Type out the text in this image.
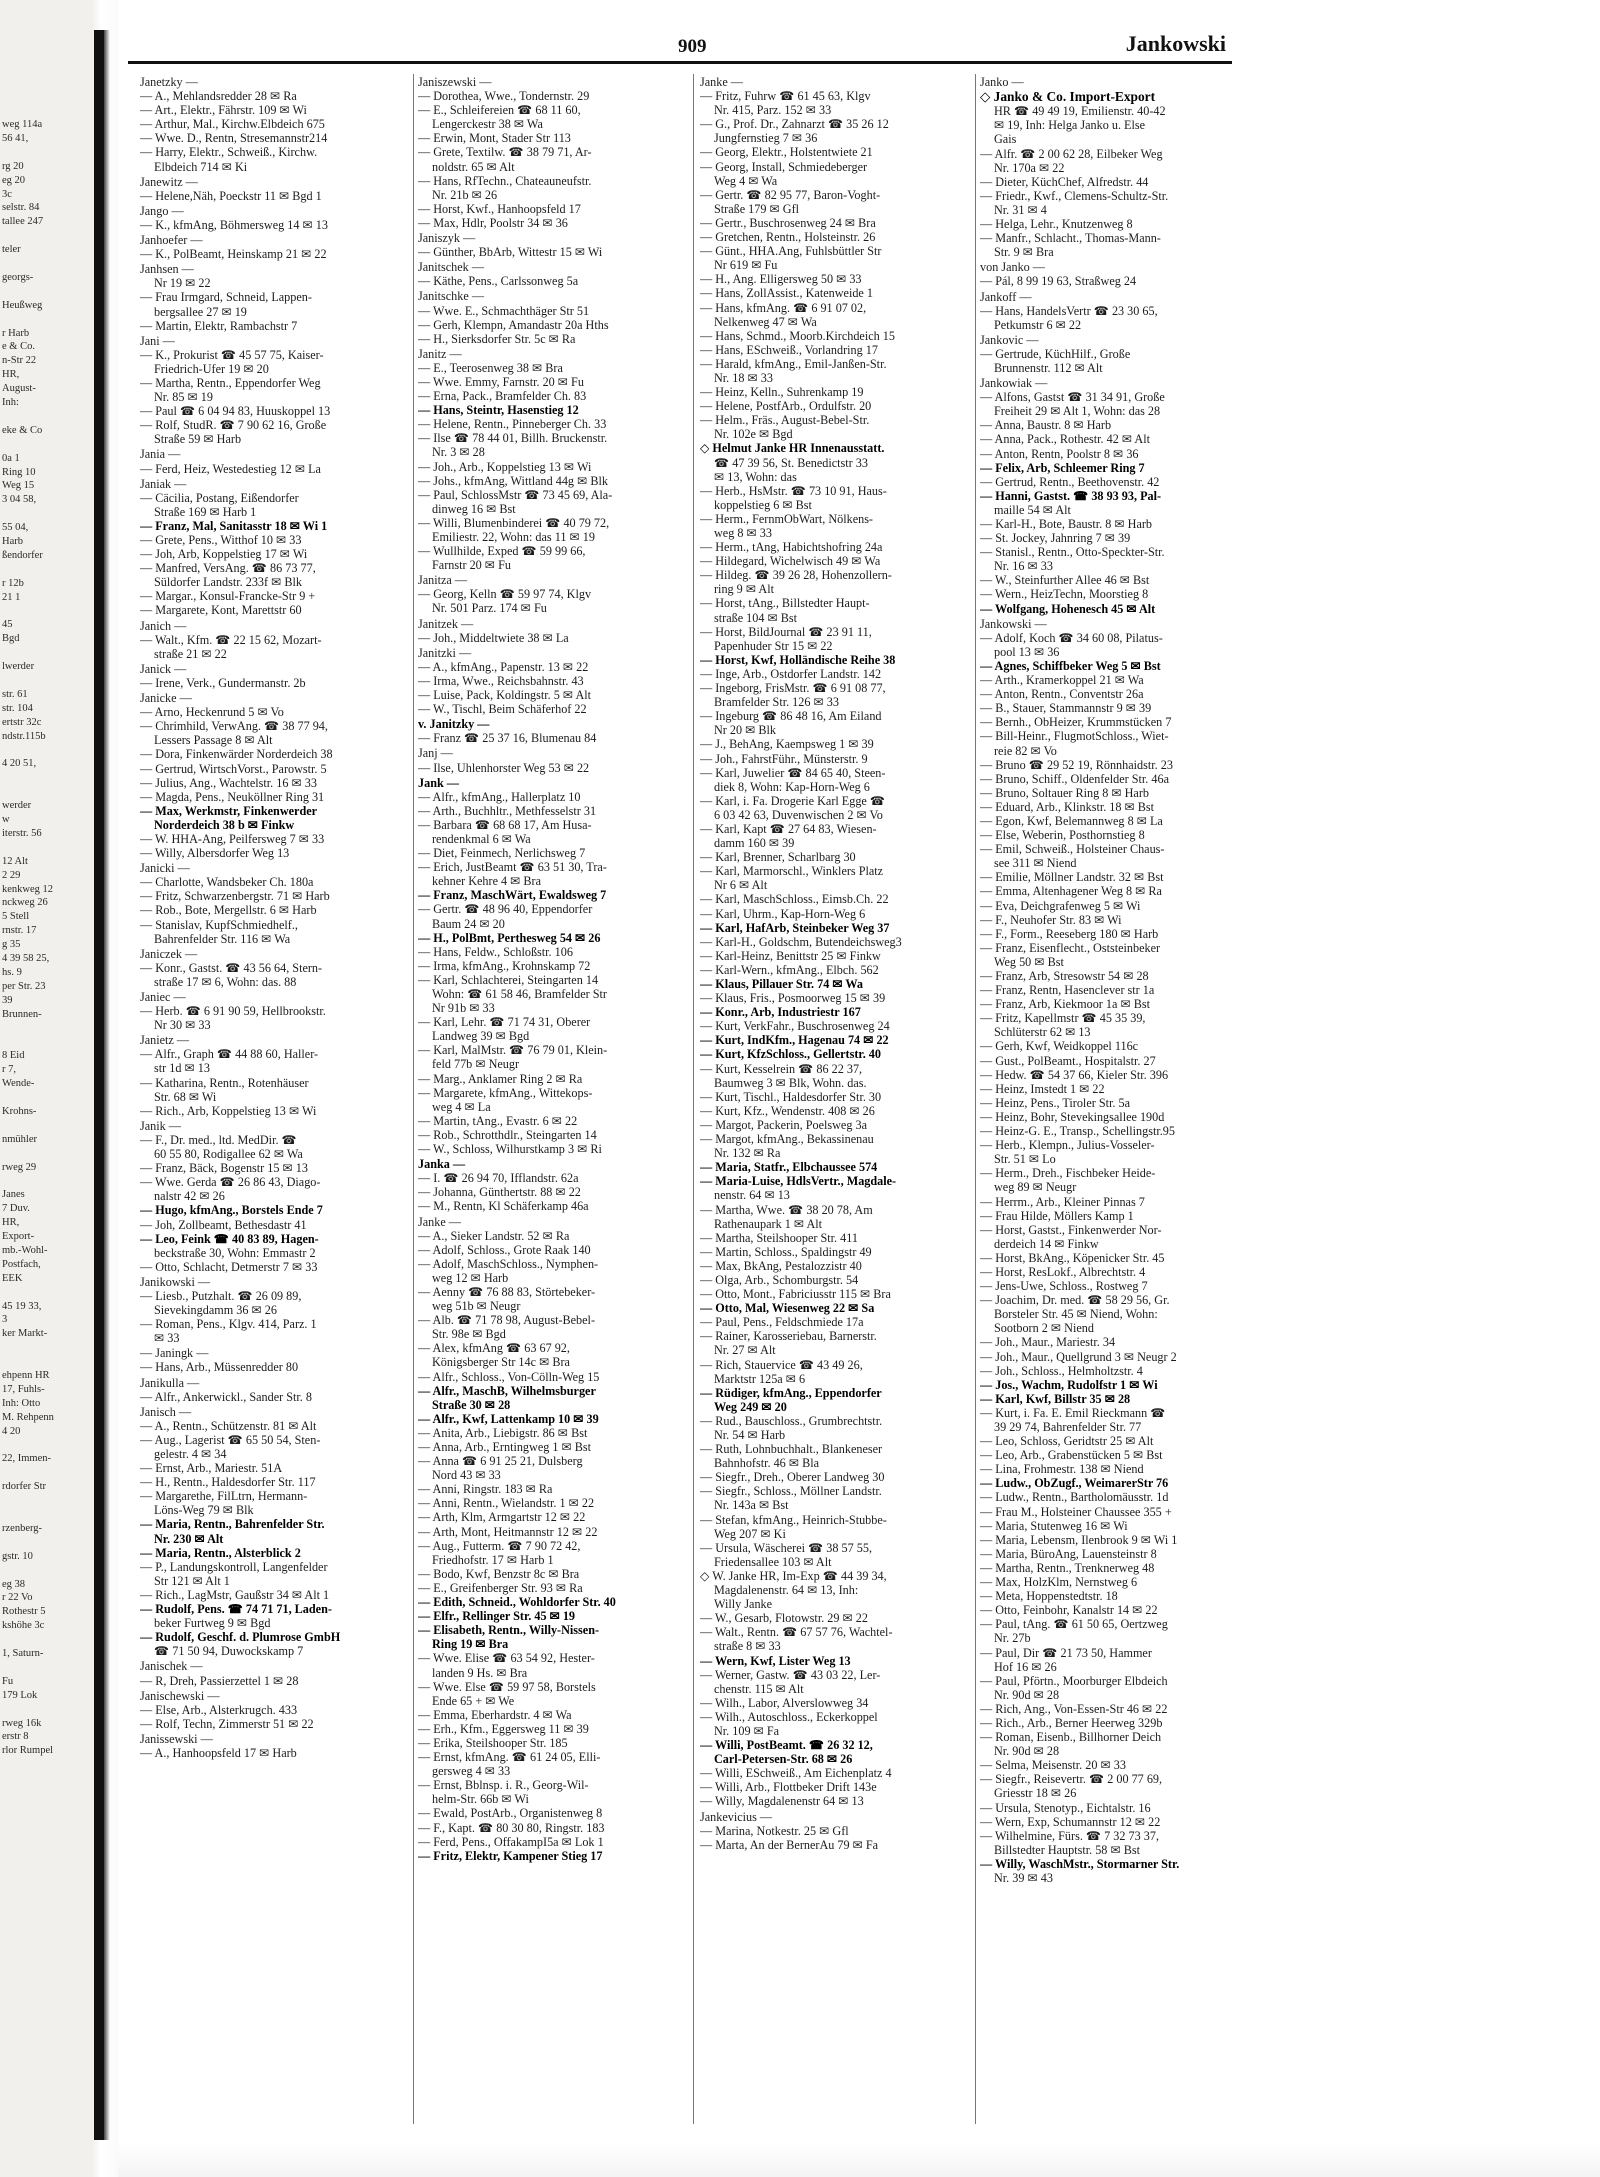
weg 114a
56 41,
rg 20
eg 20
3c
selstr. 84
tallee 247
teler
georgs-
Heußweg
r Harb
e & Co.
n-Str 22
HR,
August-
Inh:
eke & Co
0a 1
Ring 10
Weg 15
3 04 58,
55 04,
Harb
ßendorfer
r 12b
21 1
45
Bgd
lwerder
str. 61
str. 104
ertstr 32c
ndstr.115b
4 20 51,
werder
w
iterstr. 56
12 Alt
2 29
kenkweg 12
nckweg 26
5 Stell
rnstr. 17
g 35
4 39 58 25,
hs. 9
per Str. 23
39
Brunnen-
8 Eid
r 7,
Wende-
Krohns-
nmühler
rweg 29
Janes
7 Duv.
HR,
Export-
mb.-Wohl-
Postfach,
EEK
45 19 33,
3
ker Markt-
ehpenn HR
17, Fuhls-
Inh: Otto
M. Rehpenn
4 20
22, Immen-
rdorfer Str
rzenberg-
gstr. 10
eg 38
r 22 Vo
Rothestr 5
kshöhe 3c
1, Saturn-
Fu
179 Lok
rweg 16k
erstr 8
rlor Rumpel
909	Jankowski
Janetzky —
— A., Mehlandsredder 28 ✉ Ra
— Art., Elektr., Fährstr. 109 ✉ Wi
— Arthur, Mal., Kirchw.Elbdeich 675
— Wwe. D., Rentn, Stresemannstr214
— Harry, Elektr., Schweiß., Kirchw.
Elbdeich 714 ✉ Ki
Janewitz —
— Helene,Näh, Poeckstr 11 ✉ Bgd 1
Jango —
— K., kfmAng, Böhmersweg 14 ✉ 13
Janhoefer —
— K., PolBeamt, Heinskamp 21 ✉ 22
Janhsen —
Nr 19 ✉ 22
— Frau Irmgard, Schneid, Lappen-
bergsallee 27 ✉ 19
— Martin, Elektr, Rambachstr 7
Jani —
— K., Prokurist ☎ 45 57 75, Kaiser-
Friedrich-Ufer 19 ✉ 20
— Martha, Rentn., Eppendorfer Weg
Nr. 85 ✉ 19
— Paul ☎ 6 04 94 83, Huuskoppel 13
— Rolf, StudR. ☎ 7 90 62 16, Große
Straße 59 ✉ Harb
Jania —
— Ferd, Heiz, Westedestieg 12 ✉ La
Janiak —
— Cäcilia, Postang, Eißendorfer
Straße 169 ✉ Harb 1
— Franz, Mal, Sanitasstr 18 ✉ Wi 1
— Grete, Pens., Witthof 10 ✉ 33
— Joh, Arb, Koppelstieg 17 ✉ Wi
— Manfred, VersAng. ☎ 86 73 77,
Süldorfer Landstr. 233f ✉ Blk
— Margar., Konsul-Francke-Str 9 +
— Margarete, Kont, Marettstr 60
Janich —
— Walt., Kfm. ☎ 22 15 62, Mozart-
straße 21 ✉ 22
Janick —
— Irene, Verk., Gundermanstr. 2b
Janicke —
— Arno, Heckenrund 5 ✉ Vo
— Chrimhild, VerwAng. ☎ 38 77 94,
Lessers Passage 8 ✉ Alt
— Dora, Finkenwärder Norderdeich 38
— Gertrud, WirtschVorst., Parowstr. 5
— Julius, Ang., Wachtelstr. 16 ✉ 33
— Magda, Pens., Neuköllner Ring 31
— Max, Werkmstr, Finkenwerder
Norderdeich 38 b ✉ Finkw
— W. HHA-Ang, Peilfersweg 7 ✉ 33
— Willy, Albersdorfer Weg 13
Janicki —
— Charlotte, Wandsbeker Ch. 180a
— Fritz, Schwarzenbergstr. 71 ✉ Harb
— Rob., Bote, Mergellstr. 6 ✉ Harb
— Stanislav, KupfSchmiedhelf.,
Bahrenfelder Str. 116 ✉ Wa
Janiczek —
— Konr., Gastst. ☎ 43 56 64, Stern-
straße 17 ✉ 6, Wohn: das. 88
Janiec —
— Herb. ☎ 6 91 90 59, Hellbrookstr.
Nr 30 ✉ 33
Janietz —
— Alfr., Graph ☎ 44 88 60, Haller-
str 1d ✉ 13
— Katharina, Rentn., Rotenhäuser
Str. 68 ✉ Wi
— Rich., Arb, Koppelstieg 13 ✉ Wi
Janik —
— F., Dr. med., ltd. MedDir. ☎
60 55 80, Rodigallee 62 ✉ Wa
— Franz, Bäck, Bogenstr 15 ✉ 13
— Wwe. Gerda ☎ 26 86 43, Diago-
nalstr 42 ✉ 26
— Hugo, kfmAng., Borstels Ende 7
— Joh, Zollbeamt, Bethesdastr 41
— Leo, Feink ☎ 40 83 89, Hagen-
beckstraße 30, Wohn: Emmastr 2
— Otto, Schlacht, Detmerstr 7 ✉ 33
Janikowski —
— Liesb., Putzhalt. ☎ 26 09 89,
Sievekingdamm 36 ✉ 26
— Roman, Pens., Klgv. 414, Parz. 1
✉ 33
— Janingk —
— Hans, Arb., Müssenredder 80
Janikulla —
— Alfr., Ankerwickl., Sander Str. 8
Janisch —
— A., Rentn., Schützenstr. 81 ✉ Alt
— Aug., Lagerist ☎ 65 50 54, Sten-
gelestr. 4 ✉ 34
— Ernst, Arb., Mariestr. 51A
— H., Rentn., Haldesdorfer Str. 117
— Margarethe, FilLtrn, Hermann-
Löns-Weg 79 ✉ Blk
— Maria, Rentn., Bahrenfelder Str.
Nr. 230 ✉ Alt
— Maria, Rentn., Alsterblick 2
— P., Landungskontroll, Langenfelder
Str 121 ✉ Alt 1
— Rich., LagMstr, Gaußstr 34 ✉ Alt 1
— Rudolf, Pens. ☎ 74 71 71, Laden-
beker Furtweg 9 ✉ Bgd
— Rudolf, Geschf. d. Plumrose GmbH
☎ 71 50 94, Duwockskamp 7
Janischek —
— R, Dreh, Passierzettel 1 ✉ 28
Janischewski —
— Else, Arb., Alsterkrugch. 433
— Rolf, Techn, Zimmerstr 51 ✉ 22
Janissewski —
— A., Hanhoopsfeld 17 ✉ Harb
Janiszewski —
— Dorothea, Wwe., Tondernstr. 29
— E., Schleifereien ☎ 68 11 60,
Lengerckestr 38 ✉ Wa
— Erwin, Mont, Stader Str 113
— Grete, Textilw. ☎ 38 79 71, Ar-
noldstr. 65 ✉ Alt
— Hans, RfTechn., Chateauneufstr.
Nr. 21b ✉ 26
— Horst, Kwf., Hanhoopsfeld 17
— Max, Hdlr, Poolstr 34 ✉ 36
Janiszyk —
— Günther, BbArb, Wittestr 15 ✉ Wi
Janitschek —
— Käthe, Pens., Carlssonweg 5a
Janitschke —
— Wwe. E., Schmachthäger Str 51
— Gerh, Klempn, Amandastr 20a Hths
— H., Sierksdorfer Str. 5c ✉ Ra
Janitz —
— E., Teerosenweg 38 ✉ Bra
— Wwe. Emmy, Farnstr. 20 ✉ Fu
— Erna, Pack., Bramfelder Ch. 83
— Hans, Steintr, Hasenstieg 12
— Helene, Rentn., Pinneberger Ch. 33
— Ilse ☎ 78 44 01, Billh. Bruckenstr.
Nr. 3 ✉ 28
— Joh., Arb., Koppelstieg 13 ✉ Wi
— Johs., kfmAng, Wittland 44g ✉ Blk
— Paul, SchlossMstr ☎ 73 45 69, Ala-
dinweg 16 ✉ Bst
— Willi, Blumenbinderei ☎ 40 79 72,
Emiliestr. 22, Wohn: das 11 ✉ 19
— Wullhilde, Exped ☎ 59 99 66,
Farnstr 20 ✉ Fu
Janitza —
— Georg, Kelln ☎ 59 97 74, Klgv
Nr. 501 Parz. 174 ✉ Fu
Janitzek —
— Joh., Middeltwiete 38 ✉ La
Janitzki —
— A., kfmAng., Papenstr. 13 ✉ 22
— Irma, Wwe., Reichsbahnstr. 43
— Luise, Pack, Koldingstr. 5 ✉ Alt
— W., Tischl, Beim Schäferhof 22
v. Janitzky —
— Franz ☎ 25 37 16, Blumenau 84
Janj —
— Ilse, Uhlenhorster Weg 53 ✉ 22
Jank —
— Alfr., kfmAng., Hallerplatz 10
— Arth., Buchhltr., Methfesselstr 31
— Barbara ☎ 68 68 17, Am Husa-
rendenkmal 6 ✉ Wa
— Diet, Feinmech, Nerlichsweg 7
— Erich, JustBeamt ☎ 63 51 30, Tra-
kehner Kehre 4 ✉ Bra
— Franz, MaschWärt, Ewaldsweg 7
— Gertr. ☎ 48 96 40, Eppendorfer
Baum 24 ✉ 20
— H., PolBmt, Perthesweg 54 ✉ 26
— Hans, Feldw., Schloßstr. 106
— Irma, kfmAng., Krohnskamp 72
— Karl, Schlachterei, Steingarten 14
Wohn: ☎ 61 58 46, Bramfelder Str
Nr 91b ✉ 33
— Karl, Lehr. ☎ 71 74 31, Oberer
Landweg 39 ✉ Bgd
— Karl, MalMstr. ☎ 76 79 01, Klein-
feld 77b ✉ Neugr
— Marg., Anklamer Ring 2 ✉ Ra
— Margarete, kfmAng., Wittekops-
weg 4 ✉ La
— Martin, tAng., Evastr. 6 ✉ 22
— Rob., Schrotthdlr., Steingarten 14
— W., Schloss, Wilhurstkamp 3 ✉ Ri
Janka —
— I. ☎ 26 94 70, Ifflandstr. 62a
— Johanna, Günthertstr. 88 ✉ 22
— M., Rentn, Kl Schäferkamp 46a
Janke —
— A., Sieker Landstr. 52 ✉ Ra
— Adolf, Schloss., Grote Raak 140
— Adolf, MaschSchloss., Nymphen-
weg 12 ✉ Harb
— Aenny ☎ 76 88 83, Störtebeker-
weg 51b ✉ Neugr
— Alb. ☎ 71 78 98, August-Bebel-
Str. 98e ✉ Bgd
— Alex, kfmAng ☎ 63 67 92,
Königsberger Str 14c ✉ Bra
— Alfr., Schloss., Von-Cölln-Weg 15
— Alfr., MaschB, Wilhelmsburger
Straße 30 ✉ 28
— Alfr., Kwf, Lattenkamp 10 ✉ 39
— Anita, Arb., Liebigstr. 86 ✉ Bst
— Anna, Arb., Erntingweg 1 ✉ Bst
— Anna ☎ 6 91 25 21, Dulsberg
Nord 43 ✉ 33
— Anni, Ringstr. 183 ✉ Ra
— Anni, Rentn., Wielandstr. 1 ✉ 22
— Arth, Klm, Armgartstr 12 ✉ 22
— Arth, Mont, Heitmannstr 12 ✉ 22
— Aug., Futterm. ☎ 7 90 72 42,
Friedhofstr. 17 ✉ Harb 1
— Bodo, Kwf, Benzstr 8c ✉ Bra
— E., Greifenberger Str. 93 ✉ Ra
— Edith, Schneid., Wohldorfer Str. 40
— Elfr., Rellinger Str. 45 ✉ 19
— Elisabeth, Rentn., Willy-Nissen-
Ring 19 ✉ Bra
— Wwe. Elise ☎ 63 54 92, Hester-
landen 9 Hs. ✉ Bra
— Wwe. Else ☎ 59 97 58, Borstels
Ende 65 + ✉ We
— Emma, Eberhardstr. 4 ✉ Wa
— Erh., Kfm., Eggersweg 11 ✉ 39
— Erika, Steilshooper Str. 185
— Ernst, kfmAng. ☎ 61 24 05, Elli-
gersweg 4 ✉ 33
— Ernst, Bblnsp. i. R., Georg-Wil-
helm-Str. 66b ✉ Wi
— Ewald, PostArb., Organistenweg 8
— F., Kapt. ☎ 80 30 80, Ringstr. 183
— Ferd, Pens., OffakampI5a ✉ Lok 1
— Fritz, Elektr, Kampener Stieg 17
Janke —
— Fritz, Fuhrw ☎ 61 45 63, Klgv
Nr. 415, Parz. 152 ✉ 33
— G., Prof. Dr., Zahnarzt ☎ 35 26 12
Jungfernstieg 7 ✉ 36
— Georg, Elektr., Holstentwiete 21
— Georg, Install, Schmiedeberger
Weg 4 ✉ Wa
— Gertr. ☎ 82 95 77, Baron-Voght-
Straße 179 ✉ Gfl
— Gertr., Buschrosenweg 24 ✉ Bra
— Gretchen, Rentn., Holsteinstr. 26
— Günt., HHA.Ang, Fuhlsbüttler Str
Nr 619 ✉ Fu
— H., Ang. Elligersweg 50 ✉ 33
— Hans, ZollAssist., Katenweide 1
— Hans, kfmAng. ☎ 6 91 07 02,
Nelkenweg 47 ✉ Wa
— Hans, Schmd., Moorb.Kirchdeich 15
— Hans, ESchweiß., Vorlandring 17
— Harald, kfmAng., Emil-Janßen-Str.
Nr. 18 ✉ 33
— Heinz, Kelln., Suhrenkamp 19
— Helene, PostfArb., Ordulfstr. 20
— Helm., Fräs., August-Bebel-Str.
Nr. 102e ✉ Bgd
◇ Helmut Janke HR Innenausstatt.
☎ 47 39 56, St. Benedictstr 33
✉ 13, Wohn: das
— Herb., HsMstr. ☎ 73 10 91, Haus-
koppelstieg 6 ✉ Bst
— Herm., FernmObWart, Nölkens-
weg 8 ✉ 33
— Herm., tAng, Habichtshofring 24a
— Hildegard, Wichelwisch 49 ✉ Wa
— Hildeg. ☎ 39 26 28, Hohenzollern-
ring 9 ✉ Alt
— Horst, tAng., Billstedter Haupt-
straße 104 ✉ Bst
— Horst, BildJournal ☎ 23 91 11,
Papenhuder Str 15 ✉ 22
— Horst, Kwf, Holländische Reihe 38
— Inge, Arb., Ostdorfer Landstr. 142
— Ingeborg, FrisMstr. ☎ 6 91 08 77,
Bramfelder Str. 126 ✉ 33
— Ingeburg ☎ 86 48 16, Am Eiland
Nr 20 ✉ Blk
— J., BehAng, Kaempsweg 1 ✉ 39
— Joh., FahrstFühr., Münsterstr. 9
— Karl, Juwelier ☎ 84 65 40, Steen-
diek 8, Wohn: Kap-Horn-Weg 6
— Karl, i. Fa. Drogerie Karl Egge ☎
6 03 42 63, Duvenwischen 2 ✉ Vo
— Karl, Kapt ☎ 27 64 83, Wiesen-
damm 160 ✉ 39
— Karl, Brenner, Scharlbarg 30
— Karl, Marmorschl., Winklers Platz
Nr 6 ✉ Alt
— Karl, MaschSchloss., Eimsb.Ch. 22
— Karl, Uhrm., Kap-Horn-Weg 6
— Karl, HafArb, Steinbeker Weg 37
— Karl-H., Goldschm, Butendeichsweg3
— Karl-Heinz, Benittstr 25 ✉ Finkw
— Karl-Wern., kfmAng., Elbch. 562
— Klaus, Pillauer Str. 74 ✉ Wa
— Klaus, Fris., Posmoorweg 15 ✉ 39
— Konr., Arb, Industriestr 167
— Kurt, VerkFahr., Buschrosenweg 24
— Kurt, IndKfm., Hagenau 74 ✉ 22
— Kurt, KfzSchloss., Gellertstr. 40
— Kurt, Kesselrein ☎ 86 22 37,
Baumweg 3 ✉ Blk, Wohn. das.
— Kurt, Tischl., Haldesdorfer Str. 30
— Kurt, Kfz., Wendenstr. 408 ✉ 26
— Margot, Packerin, Poelsweg 3a
— Margot, kfmAng., Bekassinenau
Nr. 132 ✉ Ra
— Maria, Statfr., Elbchaussee 574
— Maria-Luise, HdlsVertr., Magdale-
nenstr. 64 ✉ 13
— Martha, Wwe. ☎ 38 20 78, Am
Rathenaupark 1 ✉ Alt
— Martha, Steilshooper Str. 411
— Martin, Schloss., Spaldingstr 49
— Max, BkAng, Pestalozzistr 40
— Olga, Arb., Schomburgstr. 54
— Otto, Mont., Fabriciusstr 115 ✉ Bra
— Otto, Mal, Wiesenweg 22 ✉ Sa
— Paul, Pens., Feldschmiede 17a
— Rainer, Karosseriebau, Barnerstr.
Nr. 27 ✉ Alt
— Rich, Stauervice ☎ 43 49 26,
Marktstr 125a ✉ 6
— Rüdiger, kfmAng., Eppendorfer
Weg 249 ✉ 20
— Rud., Bauschloss., Grumbrechtstr.
Nr. 54 ✉ Harb
— Ruth, Lohnbuchhalt., Blankeneser
Bahnhofstr. 46 ✉ Bla
— Siegfr., Dreh., Oberer Landweg 30
— Siegfr., Schloss., Möllner Landstr.
Nr. 143a ✉ Bst
— Stefan, kfmAng., Heinrich-Stubbe-
Weg 207 ✉ Ki
— Ursula, Wäscherei ☎ 38 57 55,
Friedensallee 103 ✉ Alt
◇ W. Janke HR, Im-Exp ☎ 44 39 34,
Magdalenenstr. 64 ✉ 13, Inh:
Willy Janke
— W., Gesarb, Flotowstr. 29 ✉ 22
— Walt., Rentn. ☎ 67 57 76, Wachtel-
straße 8 ✉ 33
— Wern, Kwf, Lister Weg 13
— Werner, Gastw. ☎ 43 03 22, Ler-
chenstr. 115 ✉ Alt
— Wilh., Labor, Alverslowweg 34
— Wilh., Autoschloss., Eckerkoppel
Nr. 109 ✉ Fa
— Willi, PostBeamt. ☎ 26 32 12,
Carl-Petersen-Str. 68 ✉ 26
— Willi, ESchweiß., Am Eichenplatz 4
— Willi, Arb., Flottbeker Drift 143e
— Willy, Magdalenenstr 64 ✉ 13
Jankevicius —
— Marina, Notkestr. 25 ✉ Gfl
— Marta, An der BernerAu 79 ✉ Fa
Janko —
◇ Janko & Co. Import-Export
HR ☎ 49 49 19, Emilienstr. 40-42
✉ 19, Inh: Helga Janko u. Else
Gais
— Alfr. ☎ 2 00 62 28, Eilbeker Weg
Nr. 170a ✉ 22
— Dieter, KüchChef, Alfredstr. 44
— Friedr., Kwf., Clemens-Schultz-Str.
Nr. 31 ✉ 4
— Helga, Lehr., Knutzenweg 8
— Manfr., Schlacht., Thomas-Mann-
Str. 9 ✉ Bra
von Janko —
— Pál, 8 99 19 63, Straßweg 24
Jankoff —
— Hans, HandelsVertr ☎ 23 30 65,
Petkumstr 6 ✉ 22
Jankovic —
— Gertrude, KüchHilf., Große
Brunnenstr. 112 ✉ Alt
Jankowiak —
— Alfons, Gastst ☎ 31 34 91, Große
Freiheit 29 ✉ Alt 1, Wohn: das 28
— Anna, Baustr. 8 ✉ Harb
— Anna, Pack., Rothestr. 42 ✉ Alt
— Anton, Rentn, Poolstr 8 ✉ 36
— Felix, Arb, Schleemer Ring 7
— Gertrud, Rentn., Beethovenstr. 42
— Hanni, Gastst. ☎ 38 93 93, Pal-
maille 54 ✉ Alt
— Karl-H., Bote, Baustr. 8 ✉ Harb
— St. Jockey, Jahnring 7 ✉ 39
— Stanisl., Rentn., Otto-Speckter-Str.
Nr. 16 ✉ 33
— W., Steinfurther Allee 46 ✉ Bst
— Wern., HeizTechn, Moorstieg 8
— Wolfgang, Hohenesch 45 ✉ Alt
Jankowski —
— Adolf, Koch ☎ 34 60 08, Pilatus-
pool 13 ✉ 36
— Agnes, Schiffbeker Weg 5 ✉ Bst
— Arth., Kramerkoppel 21 ✉ Wa
— Anton, Rentn., Conventstr 26a
— B., Stauer, Stammannstr 9 ✉ 39
— Bernh., ObHeizer, Krummstücken 7
— Bill-Heinr., FlugmotSchloss., Wiet-
reie 82 ✉ Vo
— Bruno ☎ 29 52 19, Rönnhaidstr. 23
— Bruno, Schiff., Oldenfelder Str. 46a
— Bruno, Soltauer Ring 8 ✉ Harb
— Eduard, Arb., Klinkstr. 18 ✉ Bst
— Egon, Kwf, Belemannweg 8 ✉ La
— Else, Weberin, Posthornstieg 8
— Emil, Schweiß., Holsteiner Chaus-
see 311 ✉ Niend
— Emilie, Möllner Landstr. 32 ✉ Bst
— Emma, Altenhagener Weg 8 ✉ Ra
— Eva, Deichgrafenweg 5 ✉ Wi
— F., Neuhofer Str. 83 ✉ Wi
— F., Form., Reeseberg 180 ✉ Harb
— Franz, Eisenflecht., Oststeinbeker
Weg 50 ✉ Bst
— Franz, Arb, Stresowstr 54 ✉ 28
— Franz, Rentn, Hasenclever str 1a
— Franz, Arb, Kiekmoor 1a ✉ Bst
— Fritz, Kapellmstr ☎ 45 35 39,
Schlüterstr 62 ✉ 13
— Gerh, Kwf, Weidkoppel 116c
— Gust., PolBeamt., Hospitalstr. 27
— Hedw. ☎ 54 37 66, Kieler Str. 396
— Heinz, Imstedt 1 ✉ 22
— Heinz, Pens., Tiroler Str. 5a
— Heinz, Bohr, Stevekingsallee 190d
— Heinz-G. E., Transp., Schellingstr.95
— Herb., Klempn., Julius-Vosseler-
Str. 51 ✉ Lo
— Herm., Dreh., Fischbeker Heide-
weg 89 ✉ Neugr
— Herrm., Arb., Kleiner Pinnas 7
— Frau Hilde, Möllers Kamp 1
— Horst, Gastst., Finkenwerder Nor-
derdeich 14 ✉ Finkw
— Horst, BkAng., Köpenicker Str. 45
— Horst, ResLokf., Albrechtstr. 4
— Jens-Uwe, Schloss., Rostweg 7
— Joachim, Dr. med. ☎ 58 29 56, Gr.
Borsteler Str. 45 ✉ Niend, Wohn:
Sootborn 2 ✉ Niend
— Joh., Maur., Mariestr. 34
— Joh., Maur., Quellgrund 3 ✉ Neugr 2
— Joh., Schloss., Helmholtzstr. 4
— Jos., Wachm, Rudolfstr 1 ✉ Wi
— Karl, Kwf, Billstr 35 ✉ 28
— Kurt, i. Fa. E. Emil Rieckmann ☎
39 29 74, Bahrenfelder Str. 77
— Leo, Schloss, Geridtstr 25 ✉ Alt
— Leo, Arb., Grabenstücken 5 ✉ Bst
— Lina, Frohmestr. 138 ✉ Niend
— Ludw., ObZugf., WeimarerStr 76
— Ludw., Rentn., Bartholomäusstr. 1d
— Frau M., Holsteiner Chaussee 355 +
— Maria, Stutenweg 16 ✉ Wi
— Maria, Lebensm, Ilenbrook 9 ✉ Wi 1
— Maria, BüroAng, Lauensteinstr 8
— Martha, Rentn., Trenknerweg 48
— Max, HolzKlm, Nernstweg 6
— Meta, Hoppenstedtstr. 18
— Otto, Feinbohr, Kanalstr 14 ✉ 22
— Paul, tAng. ☎ 61 50 65, Oertzweg
Nr. 27b
— Paul, Dir ☎ 21 73 50, Hammer
Hof 16 ✉ 26
— Paul, Pförtn., Moorburger Elbdeich
Nr. 90d ✉ 28
— Rich, Ang., Von-Essen-Str 46 ✉ 22
— Rich., Arb., Berner Heerweg 329b
— Roman, Eisenb., Billhorner Deich
Nr. 90d ✉ 28
— Selma, Meisenstr. 20 ✉ 33
— Siegfr., Reisevertr. ☎ 2 00 77 69,
Griesstr 18 ✉ 26
— Ursula, Stenotyp., Eichtalstr. 16
— Wern, Exp, Schumannstr 12 ✉ 22
— Wilhelmine, Fürs. ☎ 7 32 73 37,
Billstedter Hauptstr. 58 ✉ Bst
— Willy, WaschMstr., Stormarner Str.
Nr. 39 ✉ 43
